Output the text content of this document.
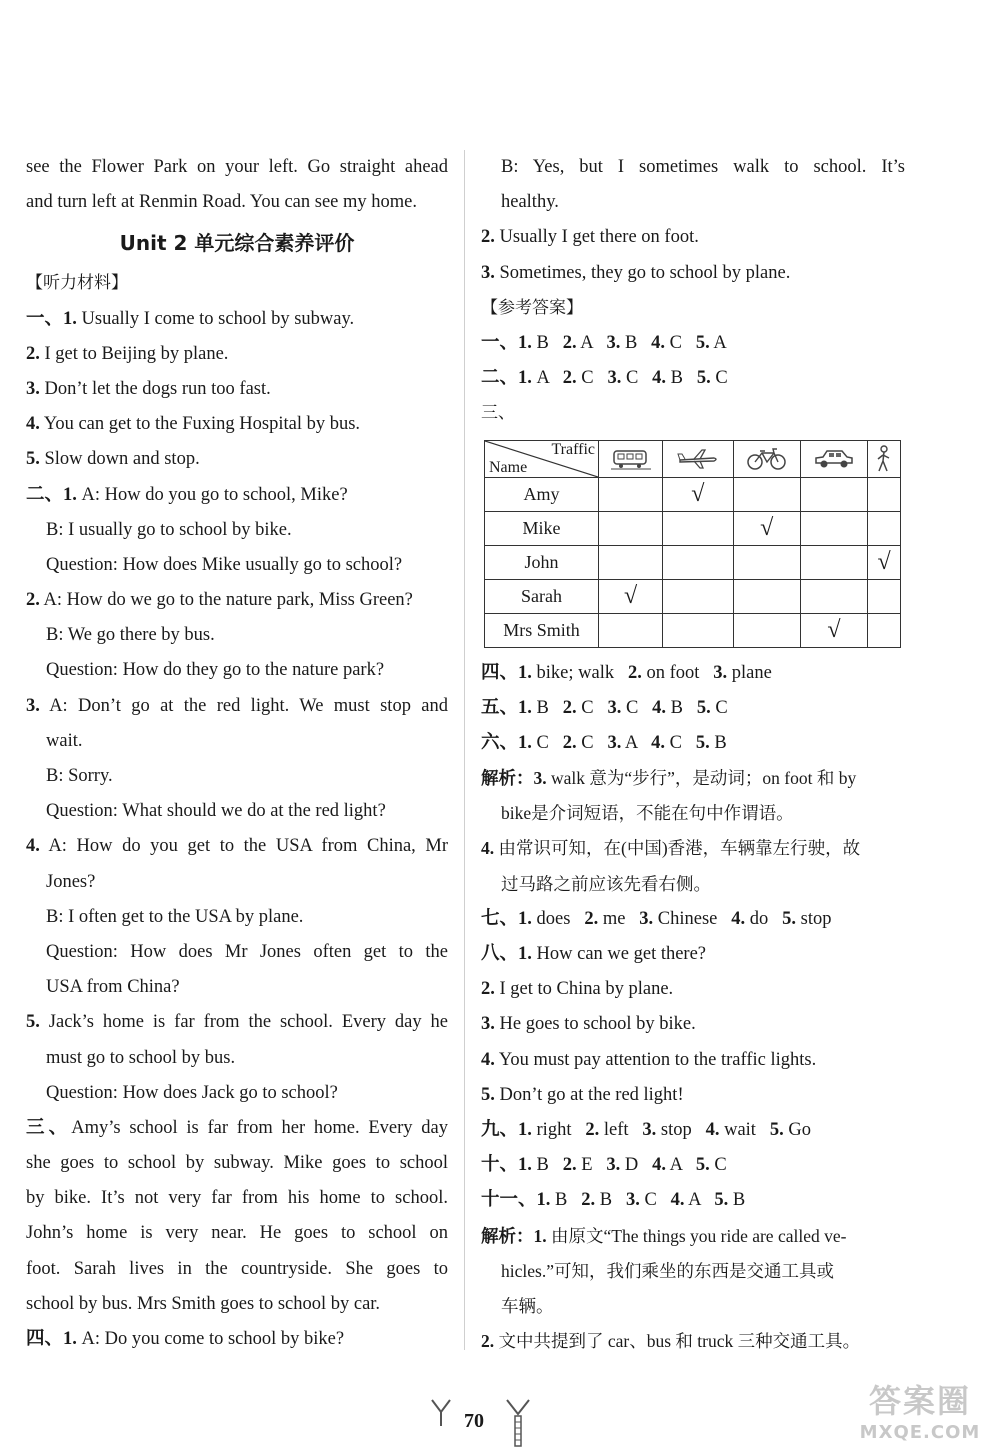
see the Flower Park on your left. Go straight ahead
and turn left at Renmin Road. You can see my home.
Unit 2 单元综合素养评价
【听力材料】
一、1. Usually I come to school by subway.
2. I get to Beijing by plane.
3. Don’t let the dogs run too fast.
4. You can get to the Fuxing Hospital by bus.
5. Slow down and stop.
二、1. A: How do you go to school, Mike?
B: I usually go to school by bike.
Question: How does Mike usually go to school?
2. A: How do we go to the nature park, Miss Green?
B: We go there by bus.
Question: How do they go to the nature park?
3. A: Don’t go at the red light. We must stop and
wait.
B: Sorry.
Question: What should we do at the red light?
4. A: How do you get to the USA from China, Mr
Jones?
B: I often get to the USA by plane.
Question: How does Mr Jones often get to the
USA from China?
5. Jack’s home is far from the school. Every day he
must go to school by bus.
Question: How does Jack go to school?
三、Amy’s school is far from her home. Every day
she goes to school by subway. Mike goes to school
by bike. It’s not very far from his home to school.
John’s home is very near. He goes to school on
foot. Sarah lives in the countryside. She goes to
school by bus. Mrs Smith goes to school by car.
四、1. A: Do you come to school by bike?
B: Yes, but I sometimes walk to school. It’s
healthy.
2. Usually I get there on foot.
3. Sometimes, they go to school by plane.
【参考答案】
一、1. B   2. A   3. B   4. C   5. A
二、1. A   2. C   3. C   4. B   5. C
三、
Traffic
Name

Amy		√			
Mike			√		
John					√
Sarah	√				
Mrs Smith				√	
四、1. bike; walk   2. on foot   3. plane
五、1. B   2. C   3. C   4. B   5. C
六、1. C   2. C   3. A   4. C   5. B
解析：3. walk 意为“步行”，是动词；on foot 和 by
bike是介词短语，不能在句中作谓语。
4. 由常识可知，在(中国)香港，车辆靠左行驶，故
过马路之前应该先看右侧。
七、1. does   2. me   3. Chinese   4. do   5. stop
八、1. How can we get there?
2. I get to China by plane.
3. He goes to school by bike.
4. You must pay attention to the traffic lights.
5. Don’t go at the red light!
九、1. right   2. left   3. stop   4. wait   5. Go
十、1. B   2. E   3. D   4. A   5. C
十一、1. B   2. B   3. C   4. A   5. B
解析：1. 由原文“The things you ride are called ve-
hicles.”可知，我们乘坐的东西是交通工具或
车辆。
2. 文中共提到了 car、bus 和 truck 三种交通工具。
70
答案圈
MXQE.COM
